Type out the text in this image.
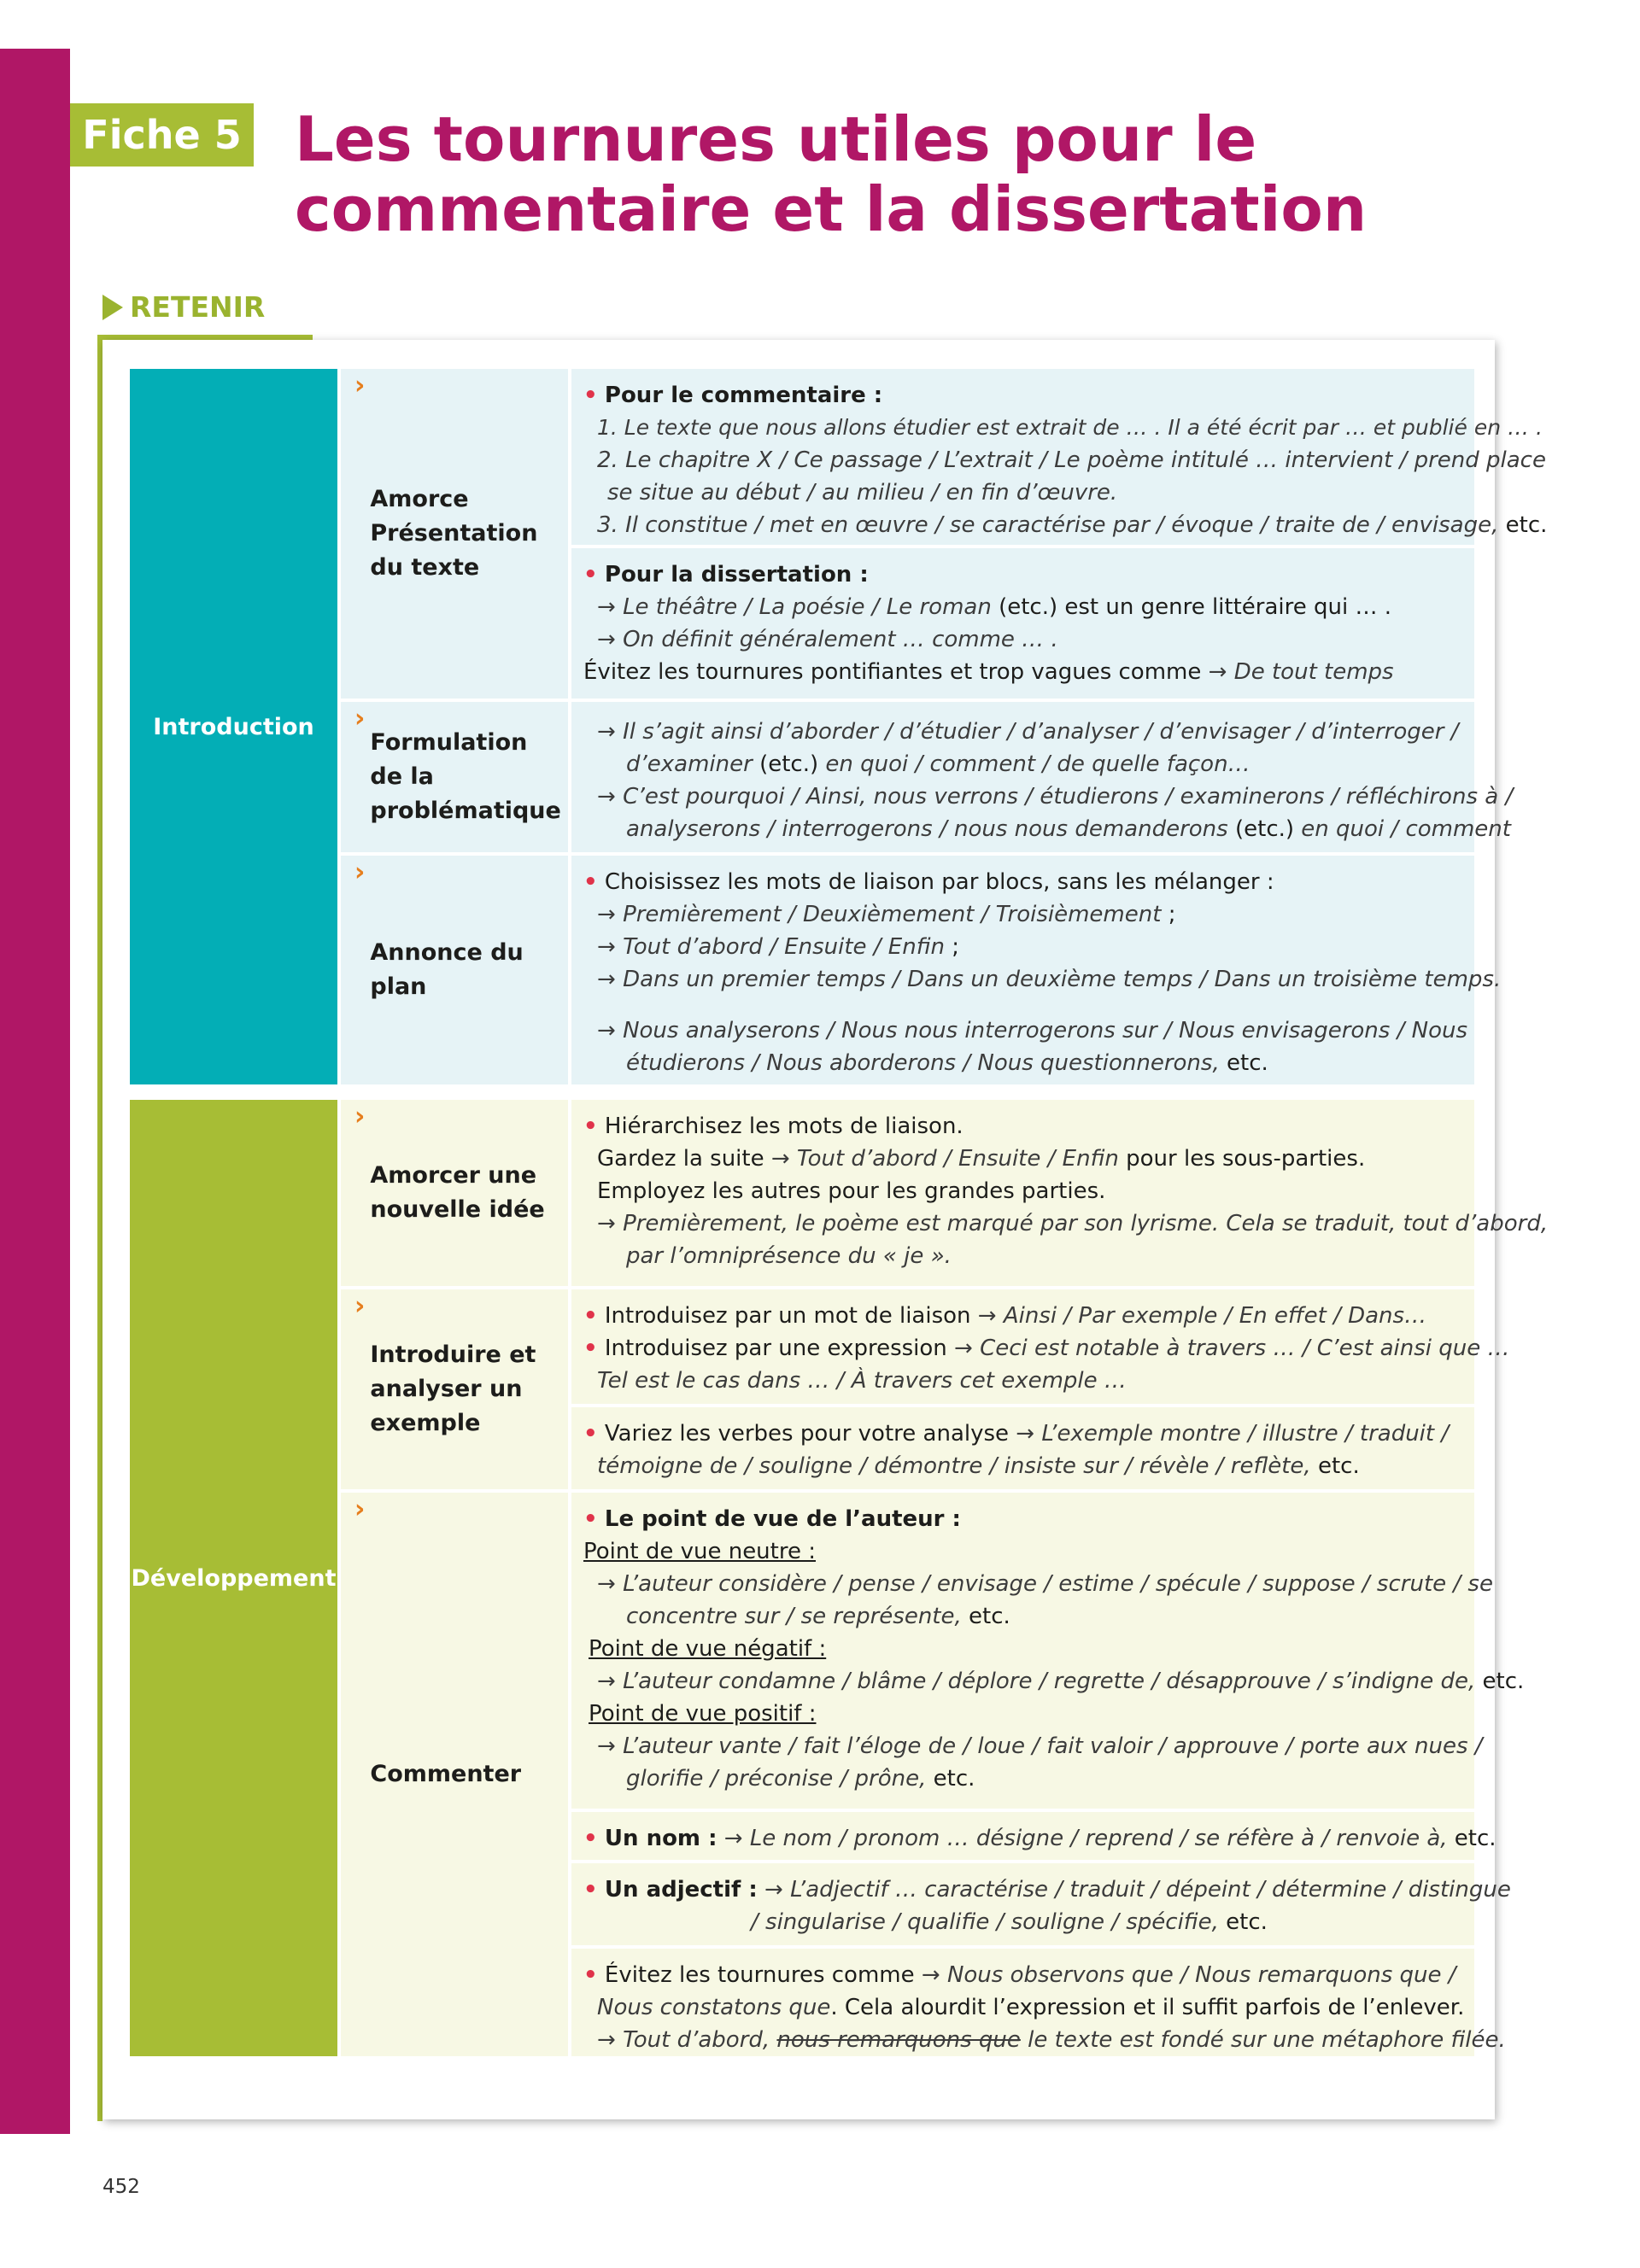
Fiche 5 Les tournures utiles pour le commentaire et la dissertation
RETENIR
Introduction
›
Amorce
Présentation
du texte
• Pour le commentaire :
1. Le texte que nous allons étudier est extrait de … . Il a été écrit par … et publié en … .
2. Le chapitre X / Ce passage / L’extrait / Le poème intitulé … intervient / prend place
se situe au début / au milieu / en fin d’œuvre.
3. Il constitue / met en œuvre / se caractérise par / évoque / traite de / envisage, etc.
• Pour la dissertation :
→ Le théâtre / La poésie / Le roman (etc.) est un genre littéraire qui … .
→ On définit généralement … comme … .
Évitez les tournures pontifiantes et trop vagues comme → De tout temps
›
Formulation
de la
problématique
→ Il s’agit ainsi d’aborder / d’étudier / d’analyser / d’envisager / d’interroger /
d’examiner (etc.) en quoi / comment / de quelle façon…
→ C’est pourquoi / Ainsi, nous verrons / étudierons / examinerons / réfléchirons à /
analyserons / interrogerons / nous nous demanderons (etc.) en quoi / comment
›
Annonce du plan
• Choisissez les mots de liaison par blocs, sans les mélanger :
→ Premièrement / Deuxièmement / Troisièmement ;
→ Tout d’abord / Ensuite / Enfin ;
→ Dans un premier temps / Dans un deuxième temps / Dans un troisième temps.
→ Nous analyserons / Nous nous interrogerons sur / Nous envisagerons / Nous
étudierons / Nous aborderons / Nous questionnerons, etc.
Développement
›
Amorcer une
nouvelle idée
• Hiérarchisez les mots de liaison.
Gardez la suite → Tout d’abord / Ensuite / Enfin pour les sous-parties.
Employez les autres pour les grandes parties.
→ Premièrement, le poème est marqué par son lyrisme. Cela se traduit, tout d’abord,
par l’omniprésence du « je ».
›
Introduire et
analyser un
exemple
• Introduisez par un mot de liaison → Ainsi / Par exemple / En effet / Dans…
• Introduisez par une expression → Ceci est notable à travers … / C’est ainsi que …
Tel est le cas dans … / À travers cet exemple …
• Variez les verbes pour votre analyse → L’exemple montre / illustre / traduit /
témoigne de / souligne / démontre / insiste sur / révèle / reflète, etc.
›
Commenter
• Le point de vue de l’auteur :
Point de vue neutre :
→ L’auteur considère / pense / envisage / estime / spécule / suppose / scrute / se
concentre sur / se représente, etc.
Point de vue négatif :
→ L’auteur condamne / blâme / déplore / regrette / désapprouve / s’indigne de, etc.
Point de vue positif :
→ L’auteur vante / fait l’éloge de / loue / fait valoir / approuve / porte aux nues /
glorifie / préconise / prône, etc.
• Un nom : → Le nom / pronom … désigne / reprend / se réfère à / renvoie à, etc.
• Un adjectif : → L’adjectif … caractérise / traduit / dépeint / détermine / distingue
/ singularise / qualifie / souligne / spécifie, etc.
• Évitez les tournures comme → Nous observons que / Nous remarquons que /
Nous constatons que. Cela alourdit l’expression et il suffit parfois de l’enlever.
→ Tout d’abord, nous remarquons que le texte est fondé sur une métaphore filée.
452
